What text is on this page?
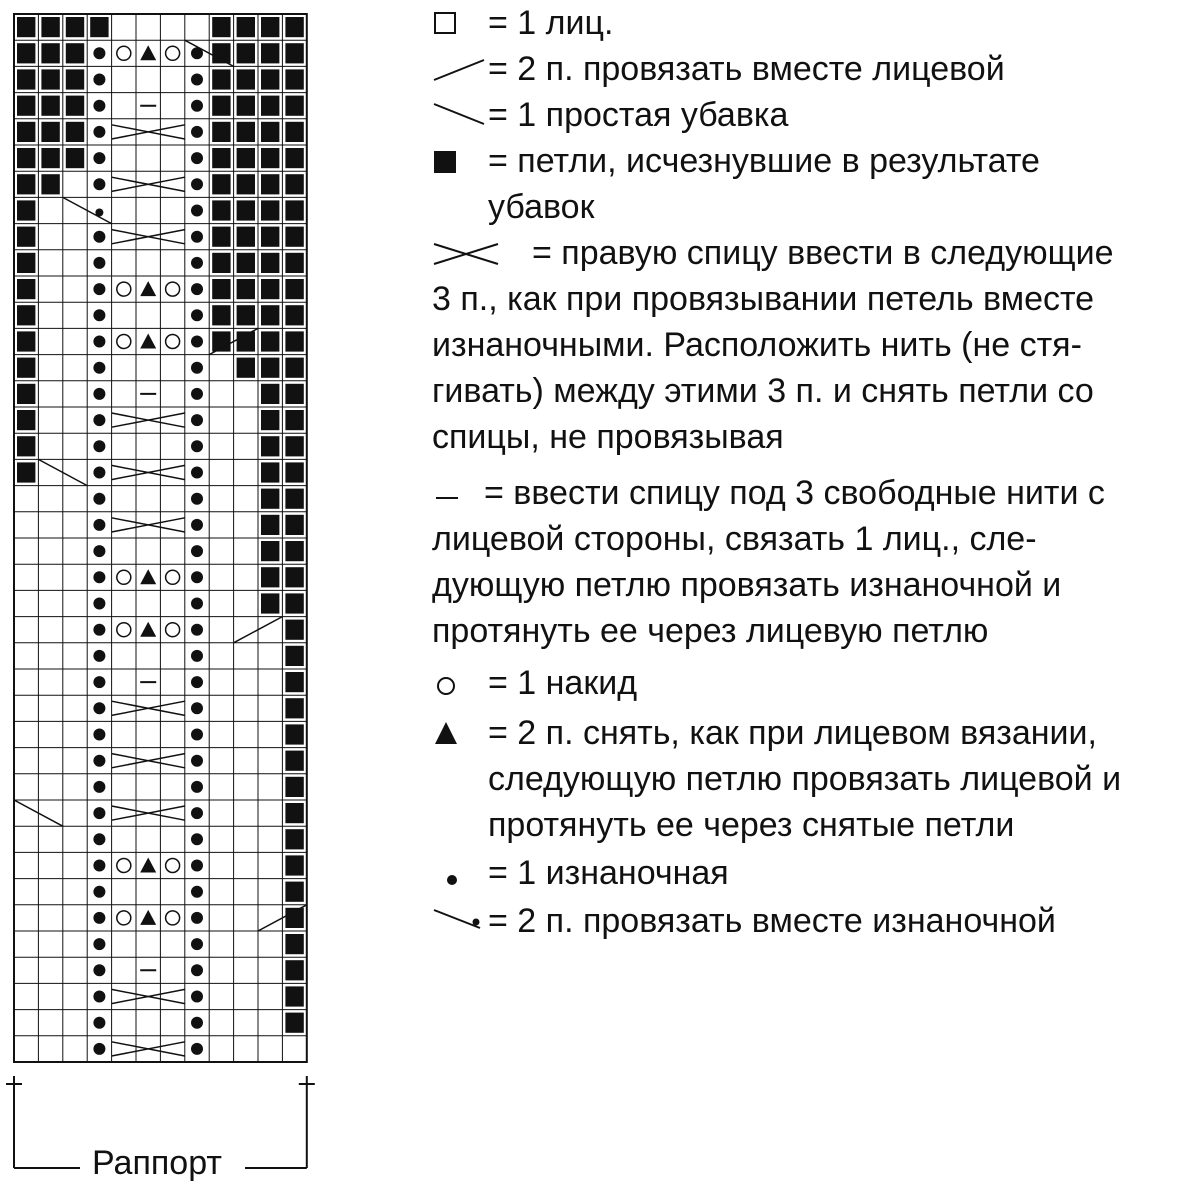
Раппорт
= 1 лиц.
= 2 п. провязать вместе лицевой
= 1 простая убавка
= петли, исчезнувшие в результате
убавок
= правую спицу ввести в следующие
3 п., как при провязывании петель вместе
изнаночными. Расположить нить (не стя-
гивать) между этими 3 п. и снять петли со
спицы, не провязывая
= ввести спицу под 3 свободные нити с
лицевой стороны, связать 1 лиц., сле-
дующую петлю провязать изнаночной и
протянуть ее через лицевую петлю
= 1 накид
= 2 п. снять, как при лицевом вязании,
следующую петлю провязать лицевой и
протянуть ее через снятые петли
= 1 изнаночная
= 2 п. провязать вместе изнаночной
